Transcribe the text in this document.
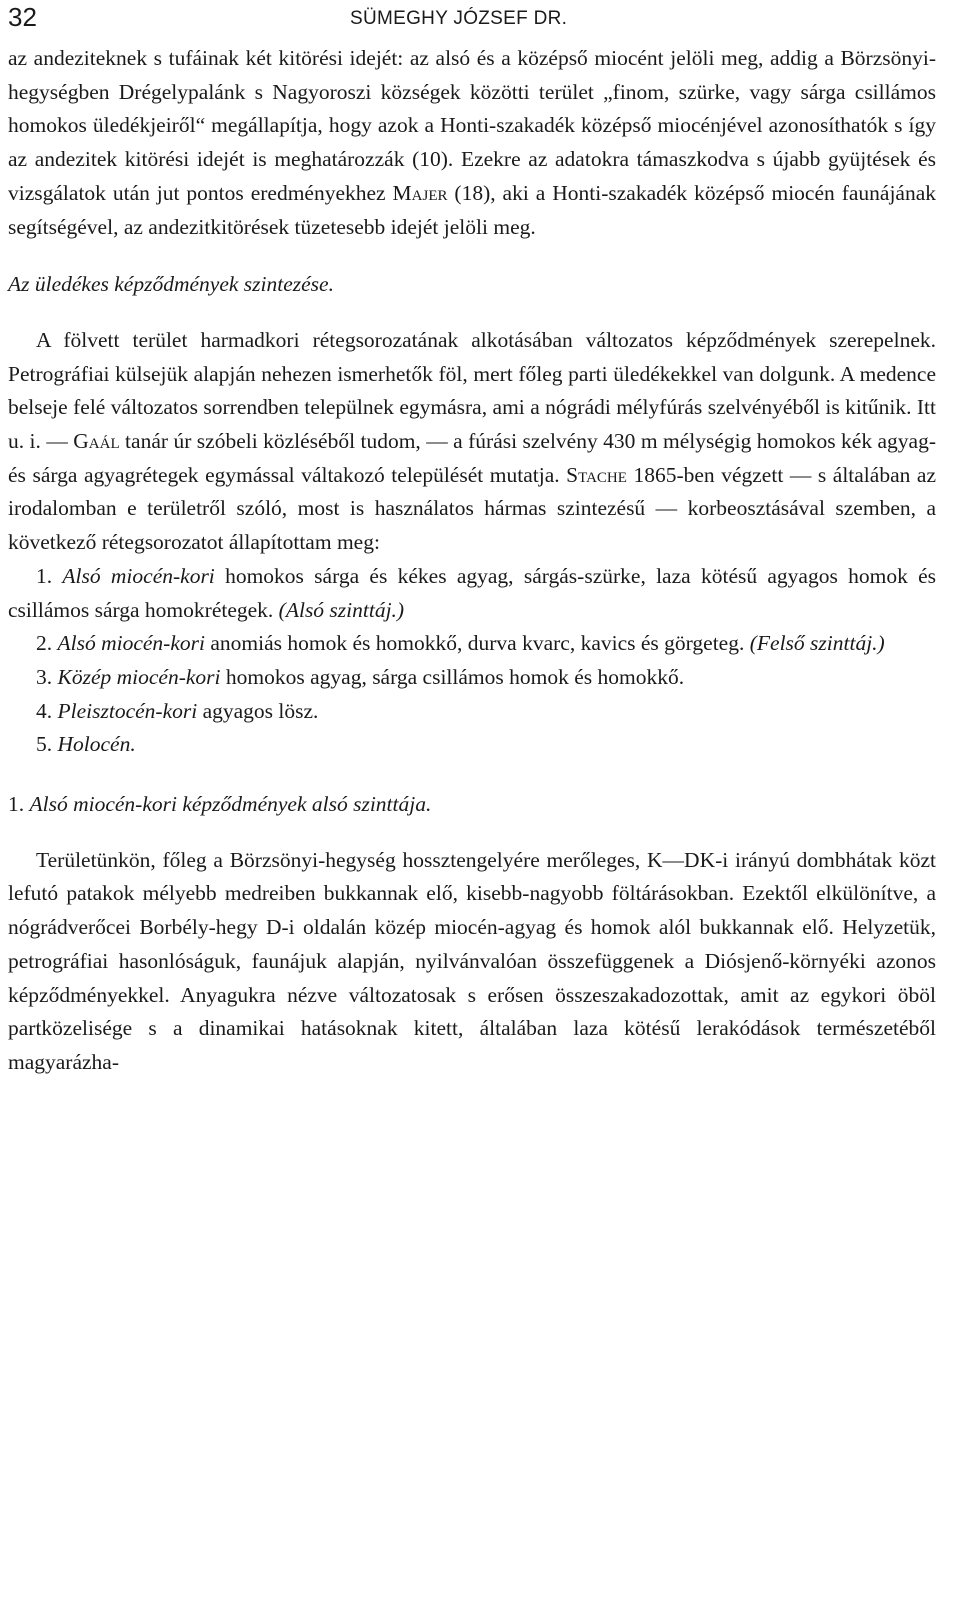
32	SÜMEGHY JÓZSEF DR.

az andeziteknek s tufáinak két kitörési idejét: az alsó és a középső miocént jelöli meg, addig a Börzsönyi-hegységben Drégelypalánk s Nagyoroszi községek közötti terület „finom, szürke, vagy sárga csillámos homokos üledékjeiről“ megállapítja, hogy azok a Honti-szakadék középső miocénjével azonosíthatók s így az andezitek kitörési idejét is meghatározzák (10). Ezekre az adatokra támaszkodva s újabb gyüjtések és vizsgálatok után jut pontos eredményekhez Majer (18), aki a Honti-szakadék középső miocén faunájának segítségével, az andezitkitörések tüzetesebb idejét jelöli meg.

Az üledékes képződmények szintezése.

A fölvett terület harmadkori rétegsorozatának alkotásában változatos képződmények szerepelnek. Petrográfiai külsejük alapján nehezen ismerhetők föl, mert főleg parti üledékekkel van dolgunk. A medence belseje felé változatos sorrendben települnek egymásra, ami a nógrádi mélyfúrás szelvényéből is kitűnik. Itt u. i. — Gaál tanár úr szóbeli közléséből tudom, — a fúrási szelvény 430 m mélységig homokos kék agyag- és sárga agyagrétegek egymással váltakozó települését mutatja. Stache 1865-ben végzett — s általában az irodalomban e területről szóló, most is használatos hármas szintezésű — korbeosztásával szemben, a következő rétegsorozatot állapítottam meg:

1. Alsó miocén-kori homokos sárga és kékes agyag, sárgás-szürke, laza kötésű agyagos homok és csillámos sárga homokrétegek. (Alsó szinttáj.)

2. Alsó miocén-kori anomiás homok és homokkő, durva kvarc, kavics és görgeteg. (Felső szinttáj.)

3. Közép miocén-kori homokos agyag, sárga csillámos homok és homokkő.

4. Pleisztocén-kori agyagos lösz.

5. Holocén.

1. Alsó miocén-kori képződmények alsó szinttája.

Területünkön, főleg a Börzsönyi-hegység hossztengelyére merőleges, K—DK-i irányú dombhátak közt lefutó patakok mélyebb medreiben bukkannak elő, kisebb-nagyobb föltárásokban. Ezektől elkülönítve, a nógrádverőcei Borbély-hegy D-i oldalán közép miocén-agyag és homok alól bukkannak elő. Helyzetük, petrográfiai hasonlóságuk, faunájuk alapján, nyilvánvalóan összefüggenek a Diósjenő-környéki azonos képződményekkel. Anyagukra nézve változatosak s erősen összeszakadozottak, amit az egykori öböl partközelisége s a dinamikai hatásoknak kitett, általában laza kötésű lerakódások természetéből magyarázha-
